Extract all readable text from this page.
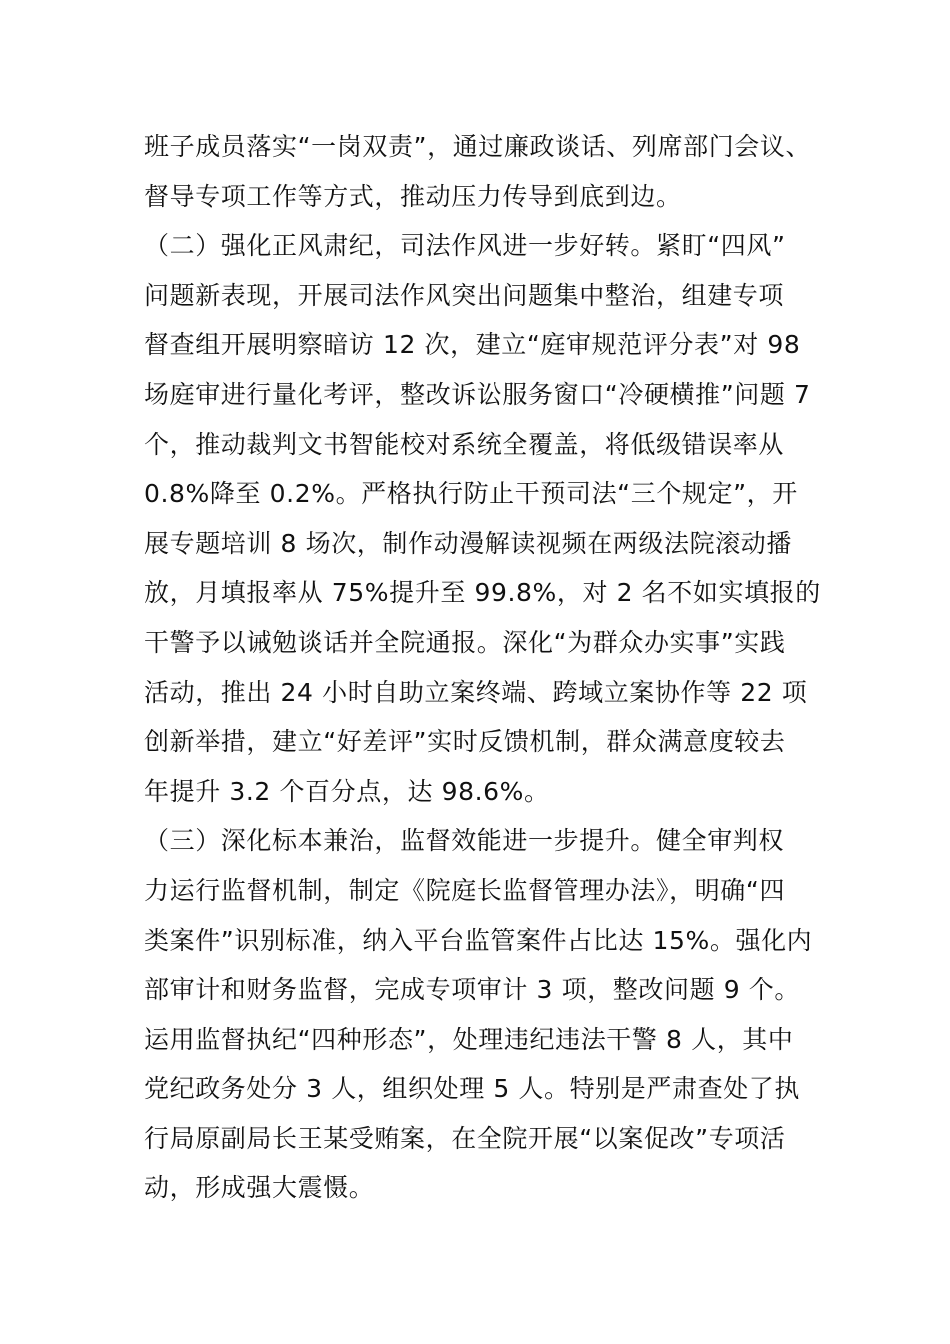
班子成员落实“一岗双责”，通过廉政谈话、列席部门会议、
督导专项工作等方式，推动压力传导到底到边。
（二）强化正风肃纪，司法作风进一步好转。紧盯“四风”
问题新表现，开展司法作风突出问题集中整治，组建专项
督查组开展明察暗访 12 次，建立“庭审规范评分表”对 98
场庭审进行量化考评，整改诉讼服务窗口“冷硬横推”问题 7
个，推动裁判文书智能校对系统全覆盖，将低级错误率从
0.8%降至 0.2%。严格执行防止干预司法“三个规定”，开
展专题培训 8 场次，制作动漫解读视频在两级法院滚动播
放，月填报率从 75%提升至 99.8%，对 2 名不如实填报的
干警予以诫勉谈话并全院通报。深化“为群众办实事”实践
活动，推出 24 小时自助立案终端、跨域立案协作等 22 项
创新举措，建立“好差评”实时反馈机制，群众满意度较去
年提升 3.2 个百分点，达 98.6%。
（三）深化标本兼治，监督效能进一步提升。健全审判权
力运行监督机制，制定《院庭长监督管理办法》，明确“四
类案件”识别标准，纳入平台监管案件占比达 15%。强化内
部审计和财务监督，完成专项审计 3 项，整改问题 9 个。
运用监督执纪“四种形态”，处理违纪违法干警 8 人，其中
党纪政务处分 3 人，组织处理 5 人。特别是严肃查处了执
行局原副局长王某受贿案，在全院开展“以案促改”专项活
动，形成强大震慑。
